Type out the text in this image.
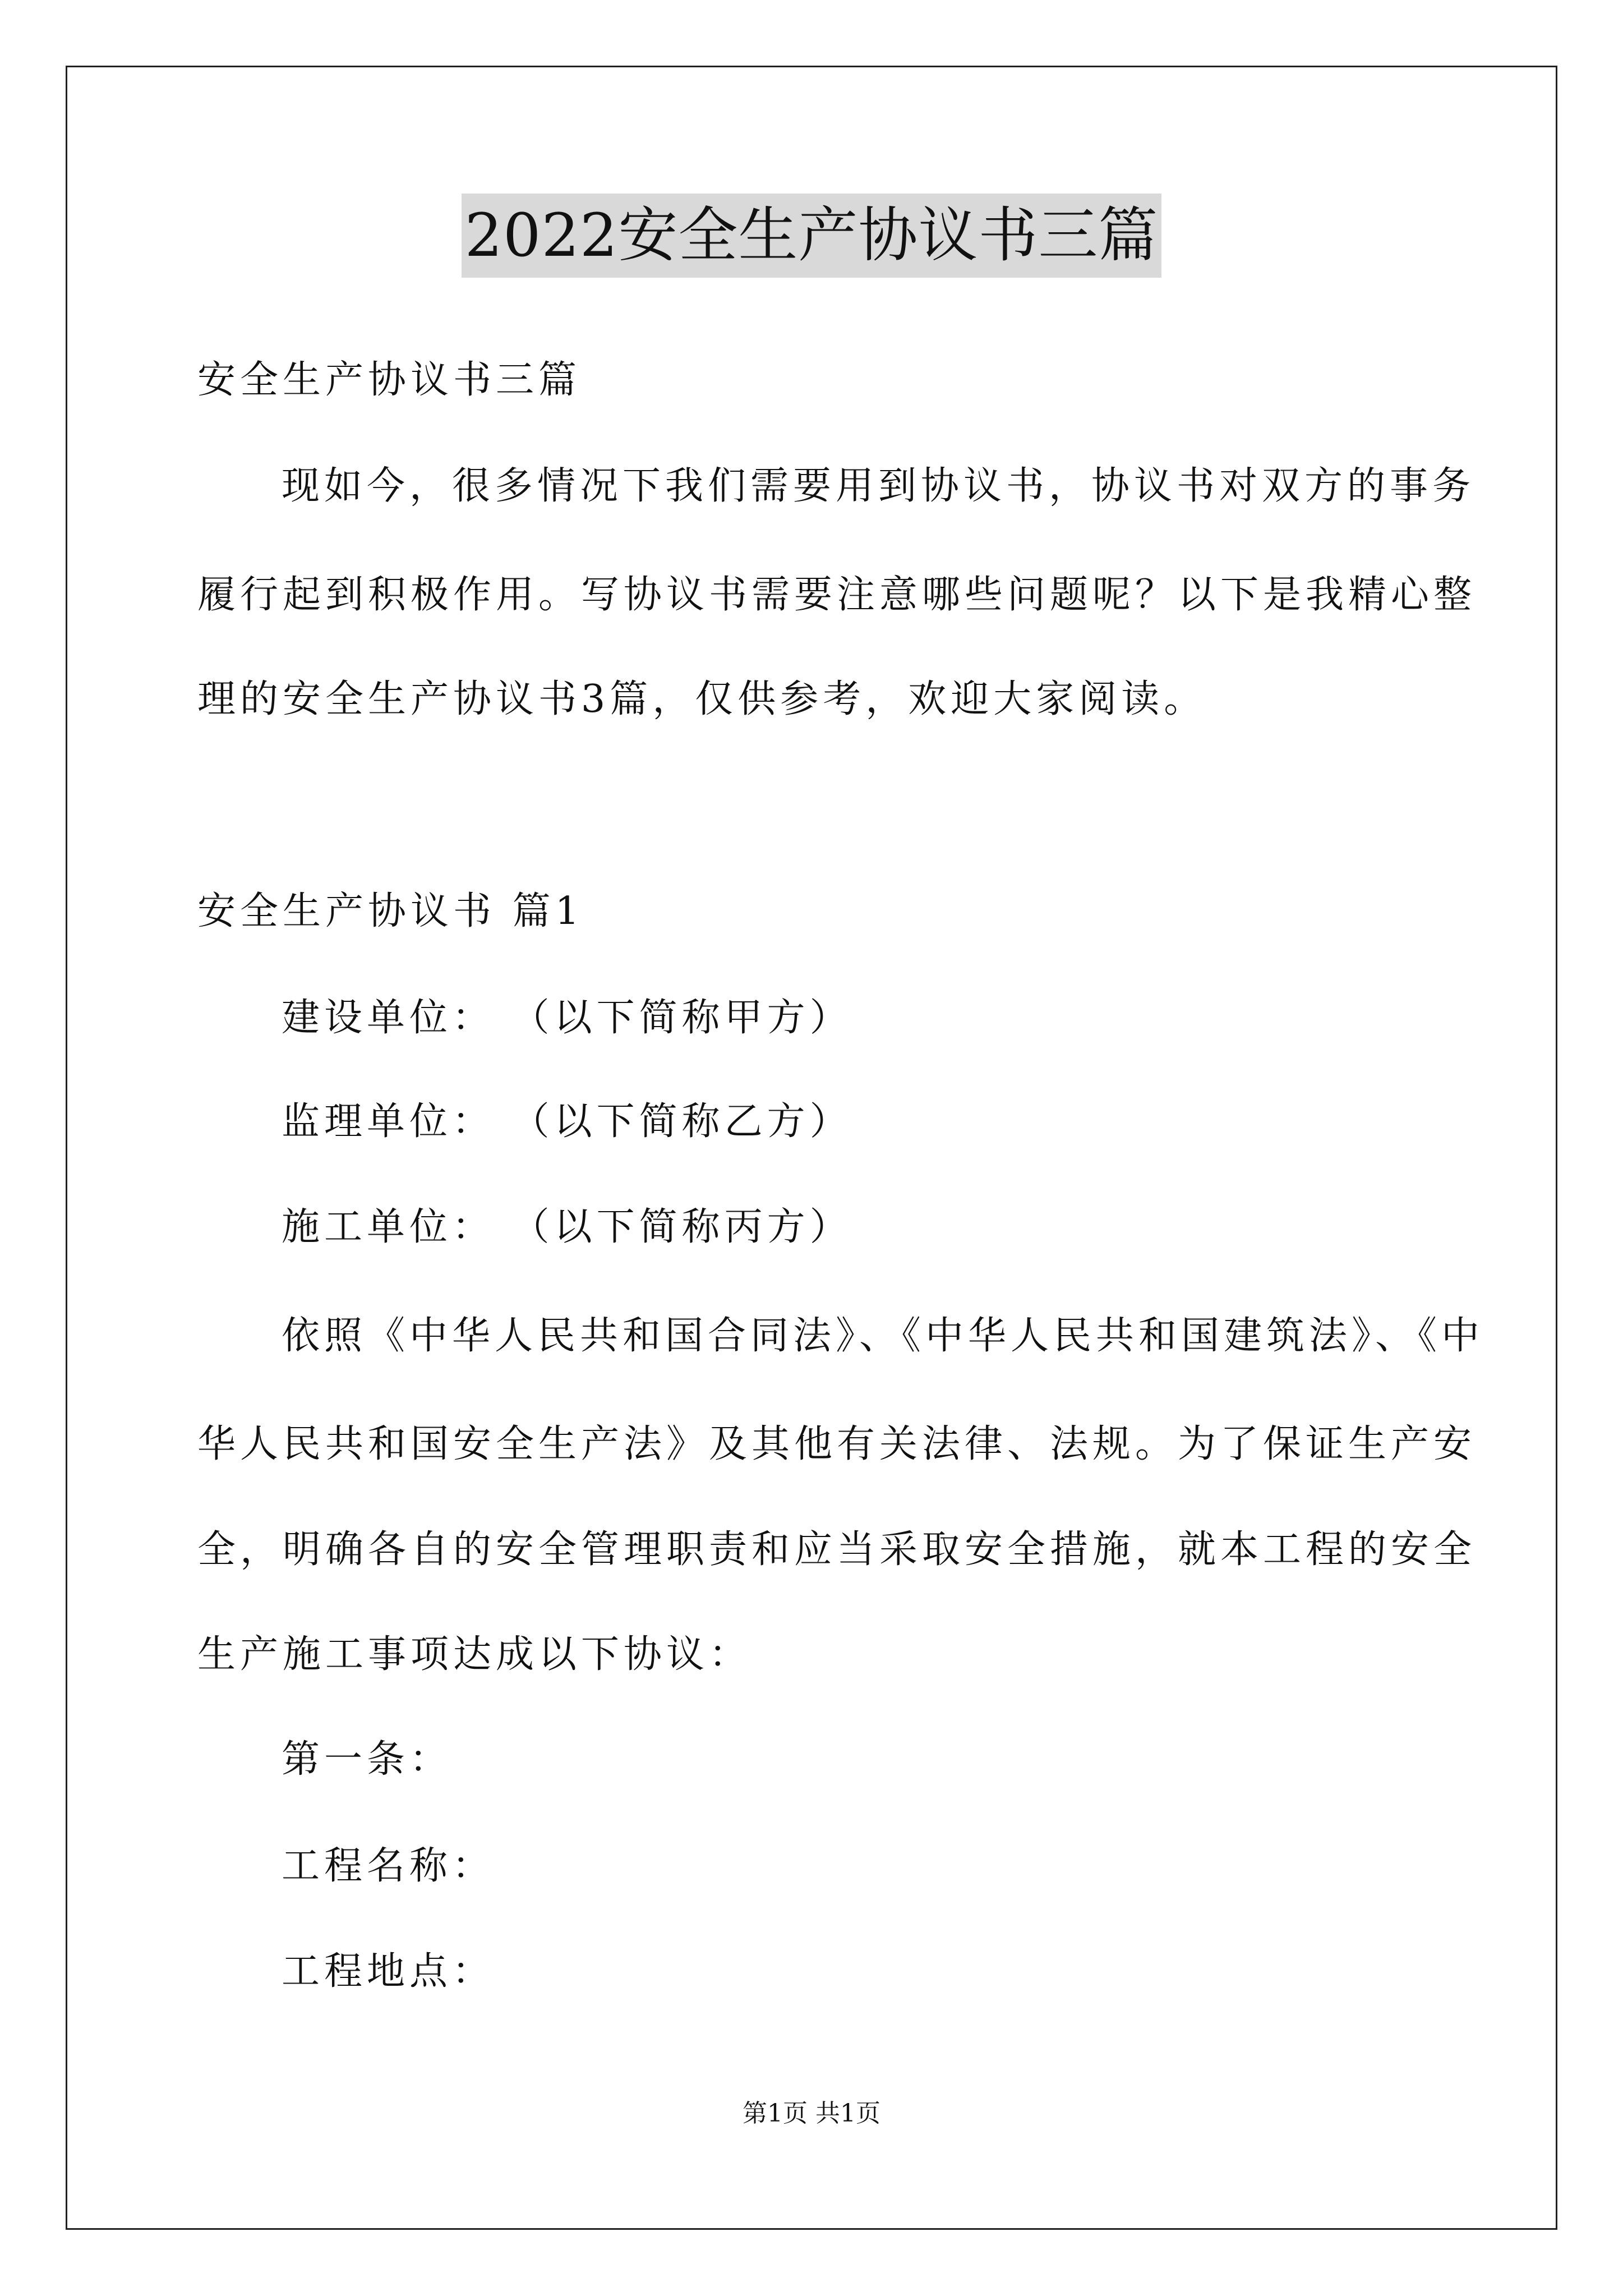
2022安全生产协议书三篇
安全生产协议书三篇
现如今，很多情况下我们需要用到协议书，协议书对双方的事务
履行起到积极作用。写协议书需要注意哪些问题呢？以下是我精心整
理的安全生产协议书3篇，仅供参考，欢迎大家阅读。
安全生产协议书 篇1
建设单位： （以下简称甲方）
监理单位： （以下简称乙方）
施工单位： （以下简称丙方）
依照《中华人民共和国合同法》、《中华人民共和国建筑法》、《中
华人民共和国安全生产法》及其他有关法律、法规。为了保证生产安
全，明确各自的安全管理职责和应当采取安全措施，就本工程的安全
生产施工事项达成以下协议：
第一条：
工程名称：
工程地点：
第1页 共1页
